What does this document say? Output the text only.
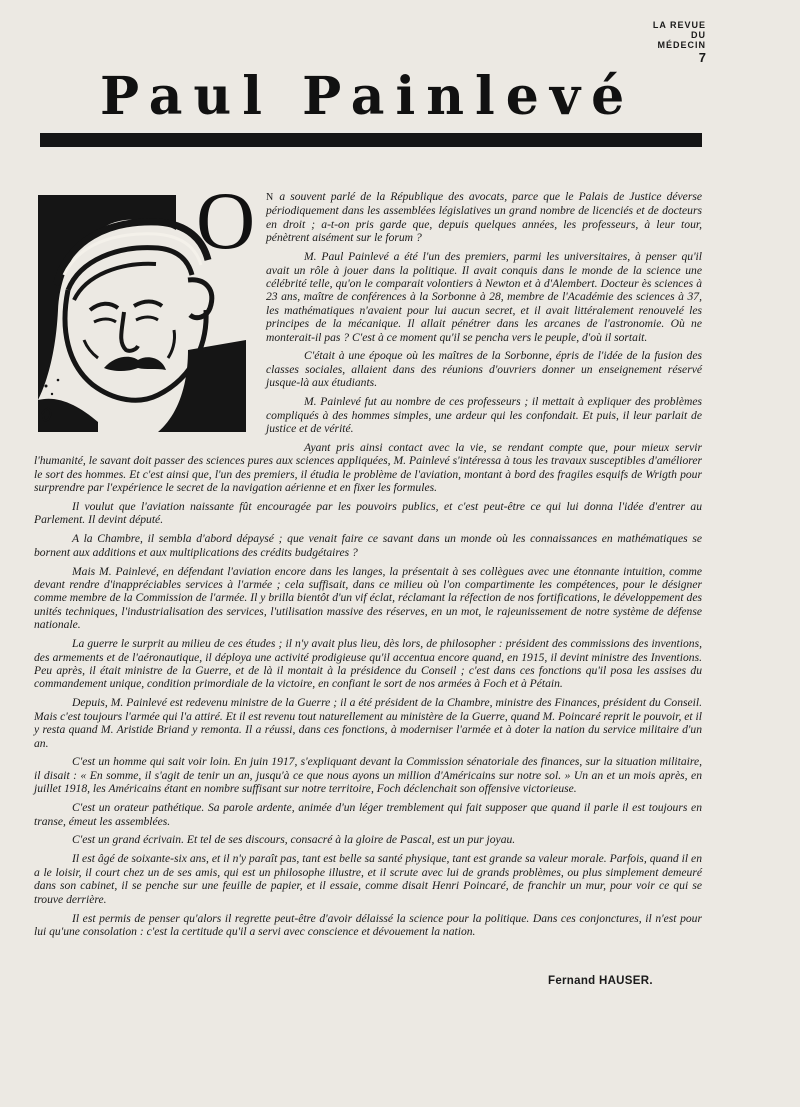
LA REVUE
DU
MÉDECIN
7
Paul Painlevé
O	N a souvent parlé de la République des avocats, parce que le Palais de Justice déverse périodiquement dans les assemblées législatives un grand nombre de licenciés et de docteurs en droit ; a-t-on pris garde que, depuis quelques années, les professeurs, à leur tour, pénètrent aisément sur le forum ?

M. Paul Painlevé a été l'un des premiers, parmi les universitaires, à penser qu'il avait un rôle à jouer dans la politique. Il avait conquis dans le monde de la science une célébrité telle, qu'on le comparait volontiers à Newton et à d'Alembert. Docteur ès sciences à 23 ans, maître de conférences à la Sorbonne à 28, membre de l'Académie des sciences à 37, les mathématiques n'avaient pour lui aucun secret, et il avait littéralement renouvelé les principes de la mécanique. Il allait pénétrer dans les arcanes de l'astronomie. Où ne monterait-il pas ? C'est à ce moment qu'il se pencha vers le peuple, d'où il sortait.

C'était à une époque où les maîtres de la Sorbonne, épris de l'idée de la fusion des classes sociales, allaient dans des réunions d'ouvriers donner un enseignement réservé jusque-là aux étudiants.

M. Painlevé fut au nombre de ces professeurs ; il mettait à expliquer des problèmes compliqués à des hommes simples, une ardeur qui les confondait. Et puis, il leur parlait de justice et de vérité.

Ayant pris ainsi contact avec la vie, se rendant compte que, pour mieux servir l'humanité, le savant doit passer des sciences pures aux sciences appliquées, M. Painlevé s'intéressa à tous les travaux susceptibles d'améliorer le sort des hommes. Et c'est ainsi que, l'un des premiers, il étudia le problème de l'aviation, montant à bord des fragiles esquifs de Wrigth pour surprendre par l'expérience le secret de la navigation aérienne et en fixer les formules.

Il voulut que l'aviation naissante fût encouragée par les pouvoirs publics, et c'est peut-être ce qui lui donna l'idée d'entrer au Parlement. Il devint député.

A la Chambre, il sembla d'abord dépaysé ; que venait faire ce savant dans un monde où les connaissances en mathématiques se bornent aux additions et aux multiplications des crédits budgétaires ?

Mais M. Painlevé, en défendant l'aviation encore dans les langes, la présentait à ses collègues avec une étonnante intuition, comme devant rendre d'inappréciables services à l'armée ; cela suffisait, dans ce milieu où l'on compartimente les compétences, pour le désigner comme membre de la Commission de l'armée. Il y brilla bientôt d'un vif éclat, réclamant la réfection de nos fortifications, le développement des unités techniques, l'industrialisation des services, l'utilisation massive des réserves, en un mot, le rajeunissement de notre système de défense nationale.

La guerre le surprit au milieu de ces études ; il n'y avait plus lieu, dès lors, de philosopher : président des commissions des inventions, des armements et de l'aéronautique, il déploya une activité prodigieuse qu'il accentua encore quand, en 1915, il devint ministre des Inventions. Peu après, il était ministre de la Guerre, et de là il montait à la présidence du Conseil ; c'est dans ces fonctions qu'il posa les assises du commandement unique, condition primordiale de la victoire, en confiant le sort de nos armées à Foch et à Pétain.

Depuis, M. Painlevé est redevenu ministre de la Guerre ; il a été président de la Chambre, ministre des Finances, président du Conseil. Mais c'est toujours l'armée qui l'a attiré. Et il est revenu tout naturellement au ministère de la Guerre, quand M. Poincaré reprit le pouvoir, et il y resta quand M. Aristide Briand y remonta. Il a réussi, dans ces fonctions, à moderniser l'armée et à doter la nation du service militaire d'un an.

C'est un homme qui sait voir loin. En juin 1917, s'expliquant devant la Commission sénatoriale des finances, sur la situation militaire, il disait : « En somme, il s'agit de tenir un an, jusqu'à ce que nous ayons un million d'Américains sur notre sol. » Un an et un mois après, en juillet 1918, les Américains étant en nombre suffisant sur notre territoire, Foch déclenchait son offensive victorieuse.

C'est un orateur pathétique. Sa parole ardente, animée d'un léger tremblement qui fait supposer que quand il parle il est toujours en transe, émeut les assemblées.

C'est un grand écrivain. Et tel de ses discours, consacré à la gloire de Pascal, est un pur joyau.

Il est âgé de soixante-six ans, et il n'y paraît pas, tant est belle sa santé physique, tant est grande sa valeur morale. Parfois, quand il en a le loisir, il court chez un de ses amis, qui est un philosophe illustre, et il scrute avec lui de grands problèmes, ou plus simplement demeuré dans son cabinet, il se penche sur une feuille de papier, et il essaie, comme disait Henri Poincaré, de franchir un mur, pour voir ce qui se trouve derrière.

Il est permis de penser qu'alors il regrette peut-être d'avoir délaissé la science pour la politique. Dans ces conjonctures, il n'est pour lui qu'une consolation : c'est la certitude qu'il a servi avec conscience et dévouement la nation.

Fernand HAUSER.
